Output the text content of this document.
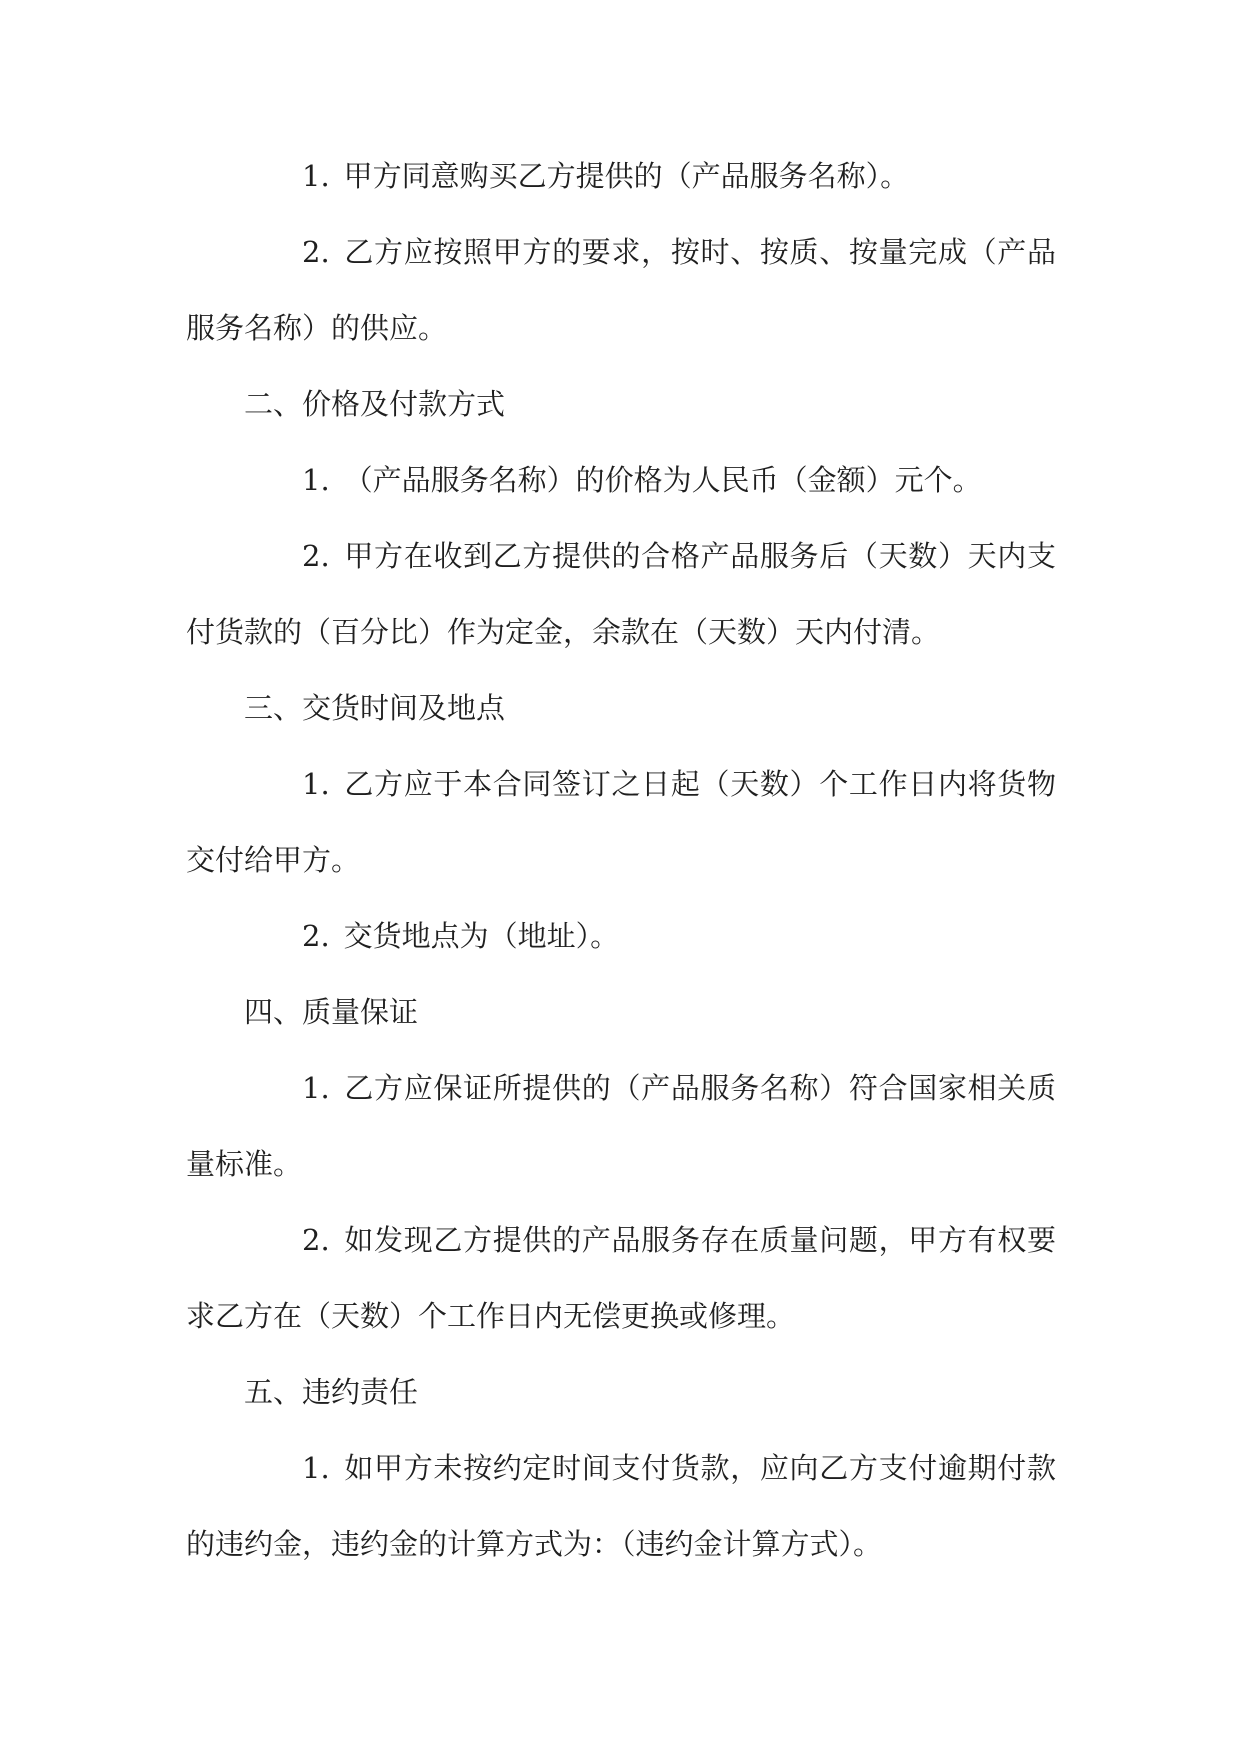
1. 甲方同意购买乙方提供的（产品服务名称）。

2. 乙方应按照甲方的要求，按时、按质、按量完成（产品服务名称）的供应。

二、价格及付款方式

1. （产品服务名称）的价格为人民币（金额）元个。

2. 甲方在收到乙方提供的合格产品服务后（天数）天内支付货款的（百分比）作为定金，余款在（天数）天内付清。

三、交货时间及地点

1. 乙方应于本合同签订之日起（天数）个工作日内将货物交付给甲方。

2. 交货地点为（地址）。

四、质量保证

1. 乙方应保证所提供的（产品服务名称）符合国家相关质量标准。

2. 如发现乙方提供的产品服务存在质量问题，甲方有权要求乙方在（天数）个工作日内无偿更换或修理。

五、违约责任

1. 如甲方未按约定时间支付货款，应向乙方支付逾期付款的违约金，违约金的计算方式为：（违约金计算方式）。
